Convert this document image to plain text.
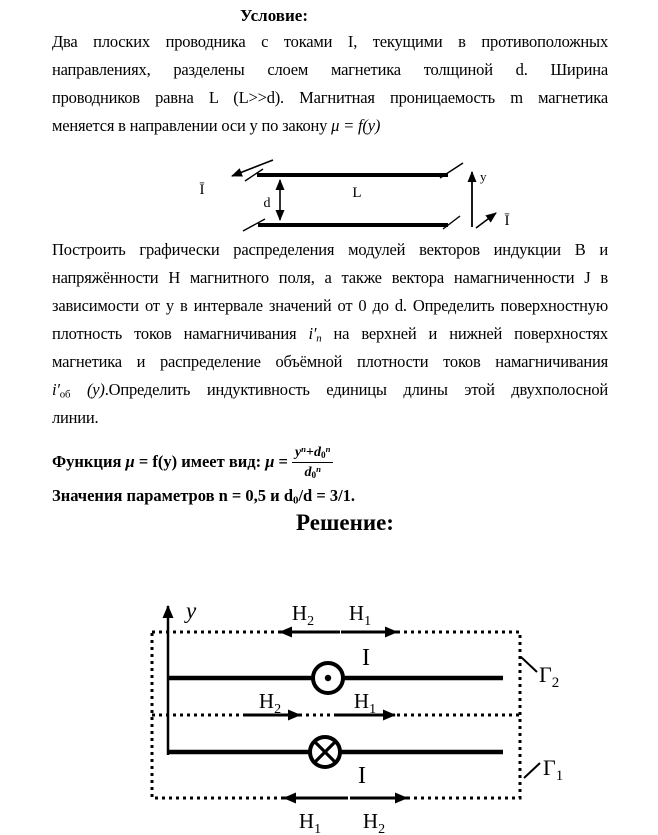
Условие:
Два плоских проводника с токами I, текущими в противоположных
направлениях, разделены слоем магнетика толщиной d. Ширина
проводников равна L (L>>d). Магнитная проницаемость m магнетика
меняется в направлении оси y по закону μ = f(y)
Ī
d
L
y
Ī
Построить графически распределения модулей векторов индукции B и
напряжённости H магнитного поля, а также вектора намагниченности J в
зависимости от y в интервале значений от 0 до d. Определить поверхностную
плотность токов намагничивания i′n на верхней и нижней поверхностях
магнетика и распределение объёмной плотности токов намагничивания
i′об (y).Определить индуктивность единицы длины этой двухполосной
линии.
Функция μ = f(y) имеет вид: $\mu = \frac{y^n+d0^n}{d0^n}$
Значения параметров n = 0,5 и d0/d = 3/1.
Решение:
y	$H_2$ $H_1$
$H_2$	$H_1$
$H_1$ $H_2$
I
I
$\Gamma_2$
$\Gamma_1$
